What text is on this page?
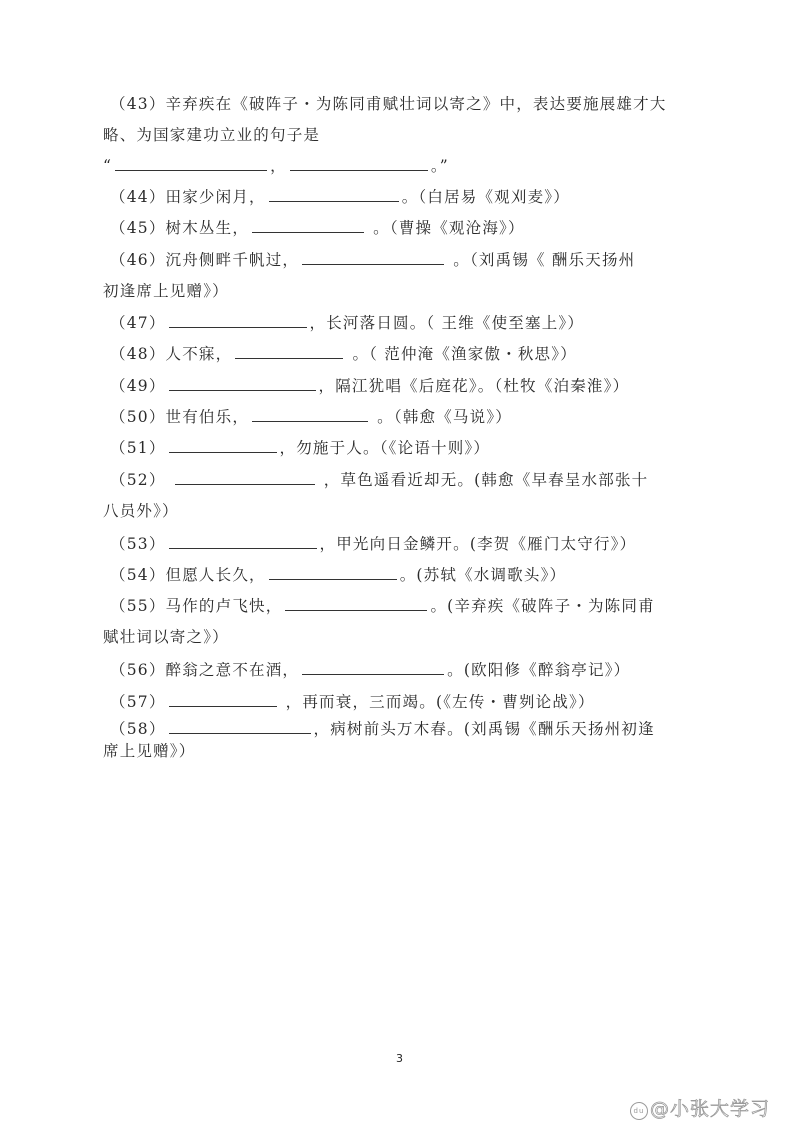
（43）辛弃疾在《破阵子・为陈同甫赋壮词以寄之》中，表达要施展雄才大
略、为国家建功立业的句子是
“	，	。”
（44）田家少闲月，	。（白居易《观刈麦》）
（45）树木丛生，	。（曹操《观沧海》）
（46）沉舟侧畔千帆过，	。（刘禹锡《 酬乐天扬州
初逢席上见赠》）
（47）	，长河落日圆。（ 王维《使至塞上》）
（48）人不寐，	。（ 范仲淹《渔家傲・秋思》）
（49）	，隔江犹唱《后庭花》。（杜牧《泊秦淮》）
（50）世有伯乐，	。（韩愈《马说》）
（51）	，勿施于人。（《论语十则》）
（52）	，草色遥看近却无。(韩愈《早春呈水部张十
八员外》）
（53）	，甲光向日金鳞开。(李贺《雁门太守行》）
（54）但愿人长久，	。(苏轼《水调歌头》）
（55）马作的卢飞快，	。(辛弃疾《破阵子・为陈同甫
赋壮词以寄之》）
（56）醉翁之意不在酒，	。(欧阳修《醉翁亭记》）
（57）	，再而衰，三而竭。(《左传・曹刿论战》）
（58）	，病树前头万木春。(刘禹锡《酬乐天扬州初逢
席上见赠》）
3
du @小张大学习
